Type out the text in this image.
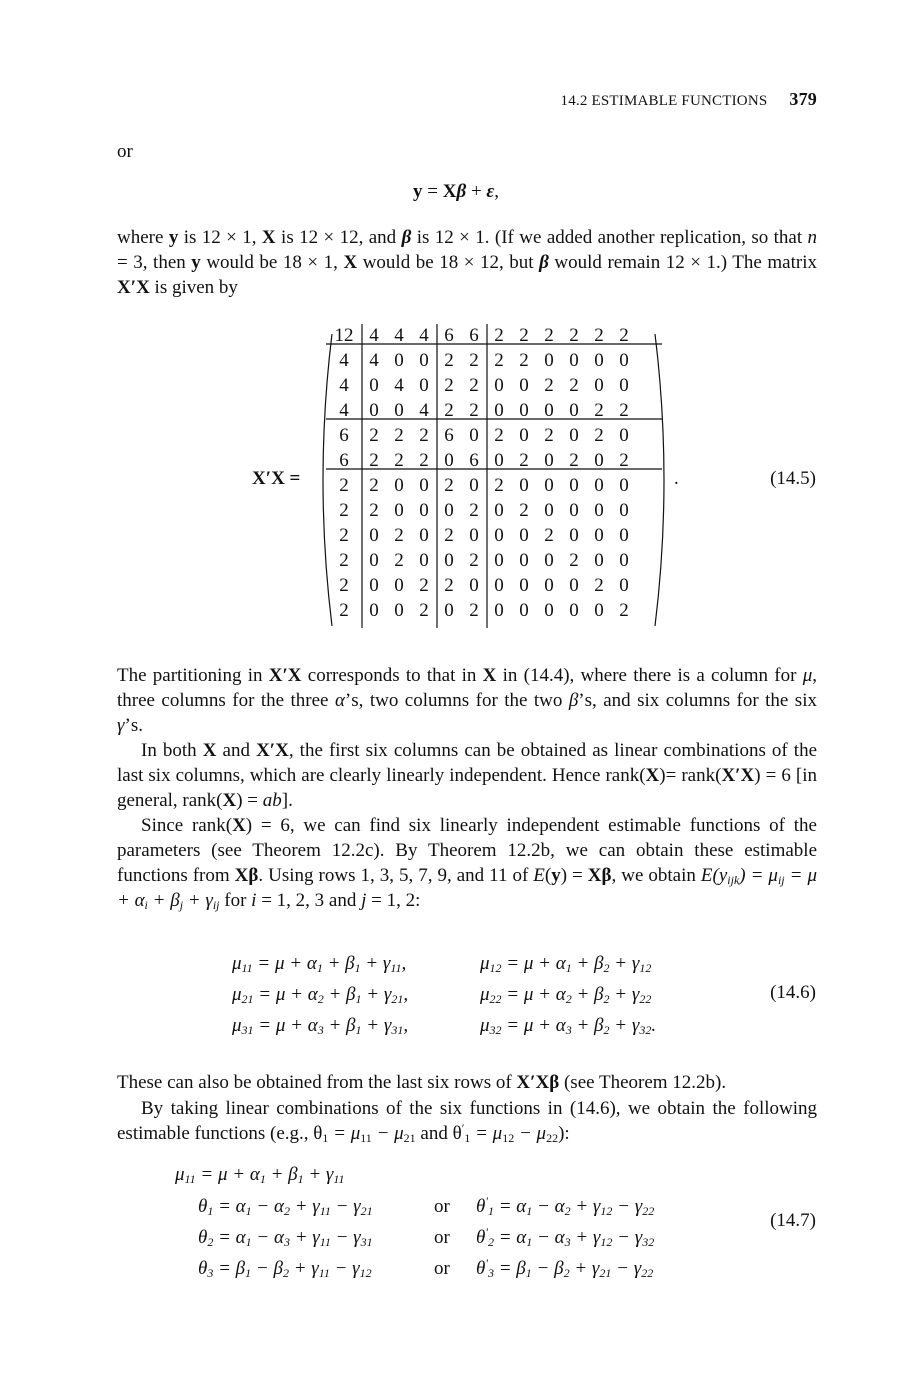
14.2 ESTIMABLE FUNCTIONS 379
or
y = Xβ + ε,
where y is 12 × 1, X is 12 × 12, and β is 12 × 1. (If we added another replication, so that n = 3, then y would be 18 × 1, X would be 18 × 12, but β would remain 12 × 1.) The matrix X′X is given by
X′X =
12 4 4 4 6 6 2 2 2 2 2 2
4 4 0 0 2 2 2 2 0 0 0 0
4 0 4 0 2 2 0 0 2 2 0 0
4 0 0 4 2 2 0 0 0 0 2 2
6 2 2 2 6 0 2 0 2 0 2 0
6 2 2 2 0 6 0 2 0 2 0 2
2 2 0 0 2 0 2 0 0 0 0 0
2 2 0 0 0 2 0 2 0 0 0 0
2 0 2 0 2 0 0 0 2 0 0 0
2 0 2 0 0 2 0 0 0 2 0 0
2 0 0 2 2 0 0 0 0 0 2 0
2 0 0 2 0 2 0 0 0 0 0 2
.	(14.5)
The partitioning in X′X corresponds to that in X in (14.4), where there is a column for μ, three columns for the three α’s, two columns for the two β’s, and six columns for the six γ’s.
In both X and X′X, the first six columns can be obtained as linear combinations of the last six columns, which are clearly linearly independent. Hence rank(X)= rank(X′X) = 6 [in general, rank(X) = ab].
Since rank(X) = 6, we can find six linearly independent estimable functions of the parameters (see Theorem 12.2c). By Theorem 12.2b, we can obtain these estimable functions from Xβ. Using rows 1, 3, 5, 7, 9, and 11 of E(y) = Xβ, we obtain $E(y_{ijk}) = \mu_{ij} = \mu + \alpha_i + \beta_j + \gamma_{ij}$ for i = 1, 2, 3 and j = 1, 2:
$\mu_{11} = \mu + \alpha_1 + \beta_1 + \gamma_{11}$,	$\mu_{12} = \mu + \alpha_1 + \beta_2 + \gamma_{12}$
$\mu_{21} = \mu + \alpha_2 + \beta_1 + \gamma_{21}$,	$\mu_{22} = \mu + \alpha_2 + \beta_2 + \gamma_{22}$
$\mu_{31} = \mu + \alpha_3 + \beta_1 + \gamma_{31}$,	$\mu_{32} = \mu + \alpha_3 + \beta_2 + \gamma_{32}$.
(14.6)
These can also be obtained from the last six rows of X′Xβ (see Theorem 12.2b).
By taking linear combinations of the six functions in (14.6), we obtain the following estimable functions (e.g., $\theta_1 = \mu_{11} - \mu_{21}$ and $\theta'_1 = \mu_{12} - \mu_{22}$):
$\mu_{11} = \mu + \alpha_1 + \beta_1 + \gamma_{11}$
$\theta_1 = \alpha_1 - \alpha_2 + \gamma_{11} - \gamma_{21}$	or $\theta'_1 = \alpha_1 - \alpha_2 + \gamma_{12} - \gamma_{22}$
$\theta_2 = \alpha_1 - \alpha_3 + \gamma_{11} - \gamma_{31}$	or $\theta'_2 = \alpha_1 - \alpha_3 + \gamma_{12} - \gamma_{32}$
$\theta_3 = \beta_1 - \beta_2 + \gamma_{11} - \gamma_{12}$	or $\theta'_3 = \beta_1 - \beta_2 + \gamma_{21} - \gamma_{22}$
(14.7)
